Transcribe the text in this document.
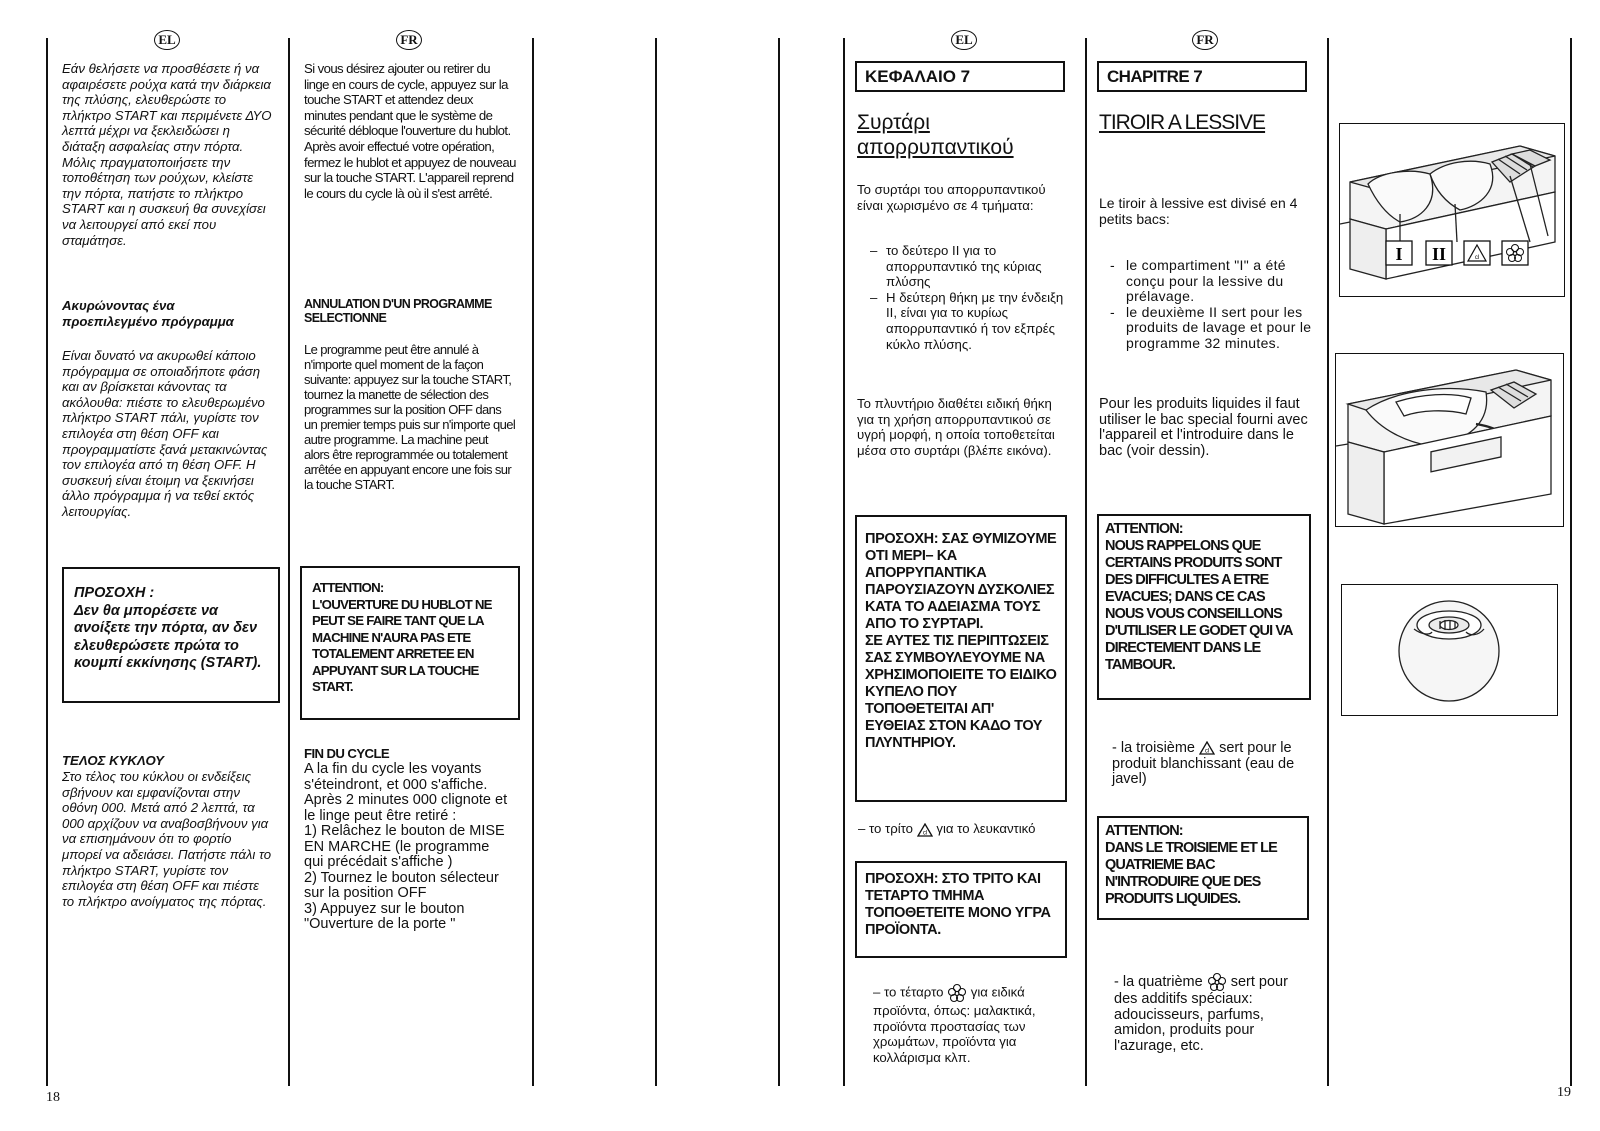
EL	FR

Εάν θελήσετε να προσθέσετε ή να αφαιρέσετε ρούχα κατά την διάρκεια της πλύσης, ελευθερώστε το πλήκτρο START και περιμένετε ΔΥΟ λεπτά μέχρι να ξεκλειδώσει η διάταξη ασφαλείας στην πόρτα. Μόλις πραγματοποιήσετε την τοποθέτηση των ρούχων, κλείστε την πόρτα, πατήστε το πλήκτρο START και η συσκευή θα συνεχίσει να λειτουργεί από εκεί που σταμάτησε.

Ακυρώνοντας ένα προεπιλεγμένο πρόγραμμα

Είναι δυνατό να ακυρωθεί κάποιο πρόγραμμα σε οποιαδήποτε φάση και αν βρίσκεται κάνοντας τα ακόλουθα: πιέστε το ελευθερωμένο πλήκτρο START πάλι, γυρίστε τον επιλογέα στη θέση OFF και προγραμματίστε ξανά μετακινώντας τον επιλογέα από τη θέση OFF. Η συσκευή είναι έτοιμη να ξεκινήσει άλλο πρόγραμμα ή να τεθεί εκτός λειτουργίας.

ΠΡΟΣΟΧΗ :
Δεν θα μπορέσετε να ανοίξετε την πόρτα, αν δεν ελευθερώσετε πρώτα το κουμπί εκκίνησης (START).

ΤΕΛΟΣ ΚΥΚΛΟΥ

Στο τέλος του κύκλου οι ενδείξεις σβήνουν και εμφανίζονται στην οθόνη 000. Μετά από 2 λεπτά, τα 000 αρχίζουν να αναβοσβήνουν για να επισημάνουν ότι το φορτίο μπορεί να αδειάσει. Πατήστε πάλι το πλήκτρο START, γυρίστε τον επιλογέα στη θέση OFF και πιέστε το πλήκτρο ανοίγματος της πόρτας.

Si vous désirez ajouter ou retirer du linge en cours de cycle, appuyez sur la touche START et attendez deux minutes pendant que le système de sécurité débloque l'ouverture du hublot. Après avoir effectué votre opération, fermez le hublot et appuyez de nouveau sur la touche START. L'appareil reprend le cours du cycle là où il s'est arrêté.

ANNULATION D'UN PROGRAMME SELECTIONNE

Le programme peut être annulé à n'importe quel moment de la façon suivante: appuyez sur la touche START, tournez la manette de sélection des programmes sur la position OFF dans un premier temps puis sur n'importe quel autre programme. La machine peut alors être reprogrammée ou totalement arrêtée en appuyant encore une fois sur la touche START.

ATTENTION:
L'OUVERTURE DU HUBLOT NE PEUT SE FAIRE TANT QUE LA MACHINE N'AURA PAS ETE TOTALEMENT ARRETEE EN APPUYANT SUR LA TOUCHE START.

FIN DU CYCLE

A la fin du cycle les voyants s'éteindront, et 000 s'affiche. Après 2 minutes 000 clignote et le linge peut être retiré :
1) Relâchez le bouton de MISE EN MARCHE (le programme
qui précédait s'affiche )
2) Tournez le bouton sélecteur sur la position OFF
3) Appuyez sur le bouton "Ouverture de la porte "

18
EL	FR
ΚΕΦΑΛΑΙΟ 7
Συρτάρι απορρυπαντικού

Το συρτάρι του απορρυπαντικού είναι χωρισμένο σε 4 τμήματα:

– το δεύτερο II για το απορρυπαντικό της κύριας πλύσης
– Η δεύτερη θήκη με την ένδειξη II, είναι για το κυρίως απορρυπαντικό ή τον εξπρές κύκλο πλύσης.

Το πλυντήριο διαθέτει ειδική θήκη για τη χρήση απορρυπαντικού σε υγρή μορφή, η οποία τοποθετείται μέσα στο συρτάρι (βλέπε εικόνα).

ΠΡΟΣΟΧΗ: ΣΑΣ ΘΥΜΙΖΟΥΜΕ ΟΤΙ ΜΕΡΙ– ΚΑ ΑΠΟΡΡΥΠΑΝΤΙΚΑ ΠΑΡΟΥΣΙΑΖΟΥΝ ΔΥΣΚΟΛΙΕΣ ΚΑΤΑ ΤΟ ΑΔΕΙΑΣΜΑ ΤΟΥΣ ΑΠΟ ΤΟ ΣΥΡΤΑΡΙ.
ΣΕ ΑΥΤΕΣ ΤΙΣ ΠΕΡΙΠΤΩΣΕΙΣ ΣΑΣ ΣΥΜΒΟΥΛΕΥΟΥΜΕ ΝΑ ΧΡΗΣΙΜΟΠΟΙΕΙΤΕ ΤΟ ΕΙΔΙΚΟ ΚΥΠΕΛΟ ΠΟΥ ΤΟΠΟΘΕΤΕΙΤΑΙ ΑΠ' ΕΥΘΕΙΑΣ ΣΤΟΝ ΚΑΔΟ ΤΟΥ ΠΛΥΝΤΗΡΙΟΥ.
– το τρίτο cl για το λευκαντικό
ΠΡΟΣΟΧΗ: ΣΤΟ ΤΡΙΤΟ ΚΑΙ ΤΕΤΑΡΤΟ ΤΜΗΜΑ ΤΟΠΟΘΕΤΕΙΤΕ ΜΟΝΟ ΥΓΡΑ ΠΡΟΪΟΝΤΑ.
– το τέταρτο για ειδικά προϊόντα, όπως: μαλακτικά, προϊόντα προστασίας των χρωμάτων, προϊόντα για κολλάρισμα κλπ.
CHAPITRE 7
TIROIR A LESSIVE

Le tiroir à lessive est divisé en 4 petits bacs:

- le compartiment "I" a été conçu pour la lessive du prélavage.
- le deuxième II sert pour les produits de lavage et pour le programme 32 minutes.

Pour les produits liquides il faut utiliser le bac special fourni avec l'appareil et l'introduire dans le bac (voir dessin).

ATTENTION:
NOUS RAPPELONS QUE CERTAINS PRODUITS SONT DES DIFFICULTES A ETRE EVACUES; DANS CE CAS NOUS VOUS CONSEILLONS D'UTILISER LE GODET QUI VA DIRECTEMENT DANS LE TAMBOUR.
- la troisième cl sert pour le produit blanchissant (eau de javel)
ATTENTION:
DANS LE TROISIEME ET LE QUATRIEME BAC N'INTRODUIRE QUE DES PRODUITS LIQUIDES.
- la quatrième sert pour des additifs spéciaux: adoucisseurs, parfums, amidon, produits pour l'azurage, etc.
I II	cl
19
